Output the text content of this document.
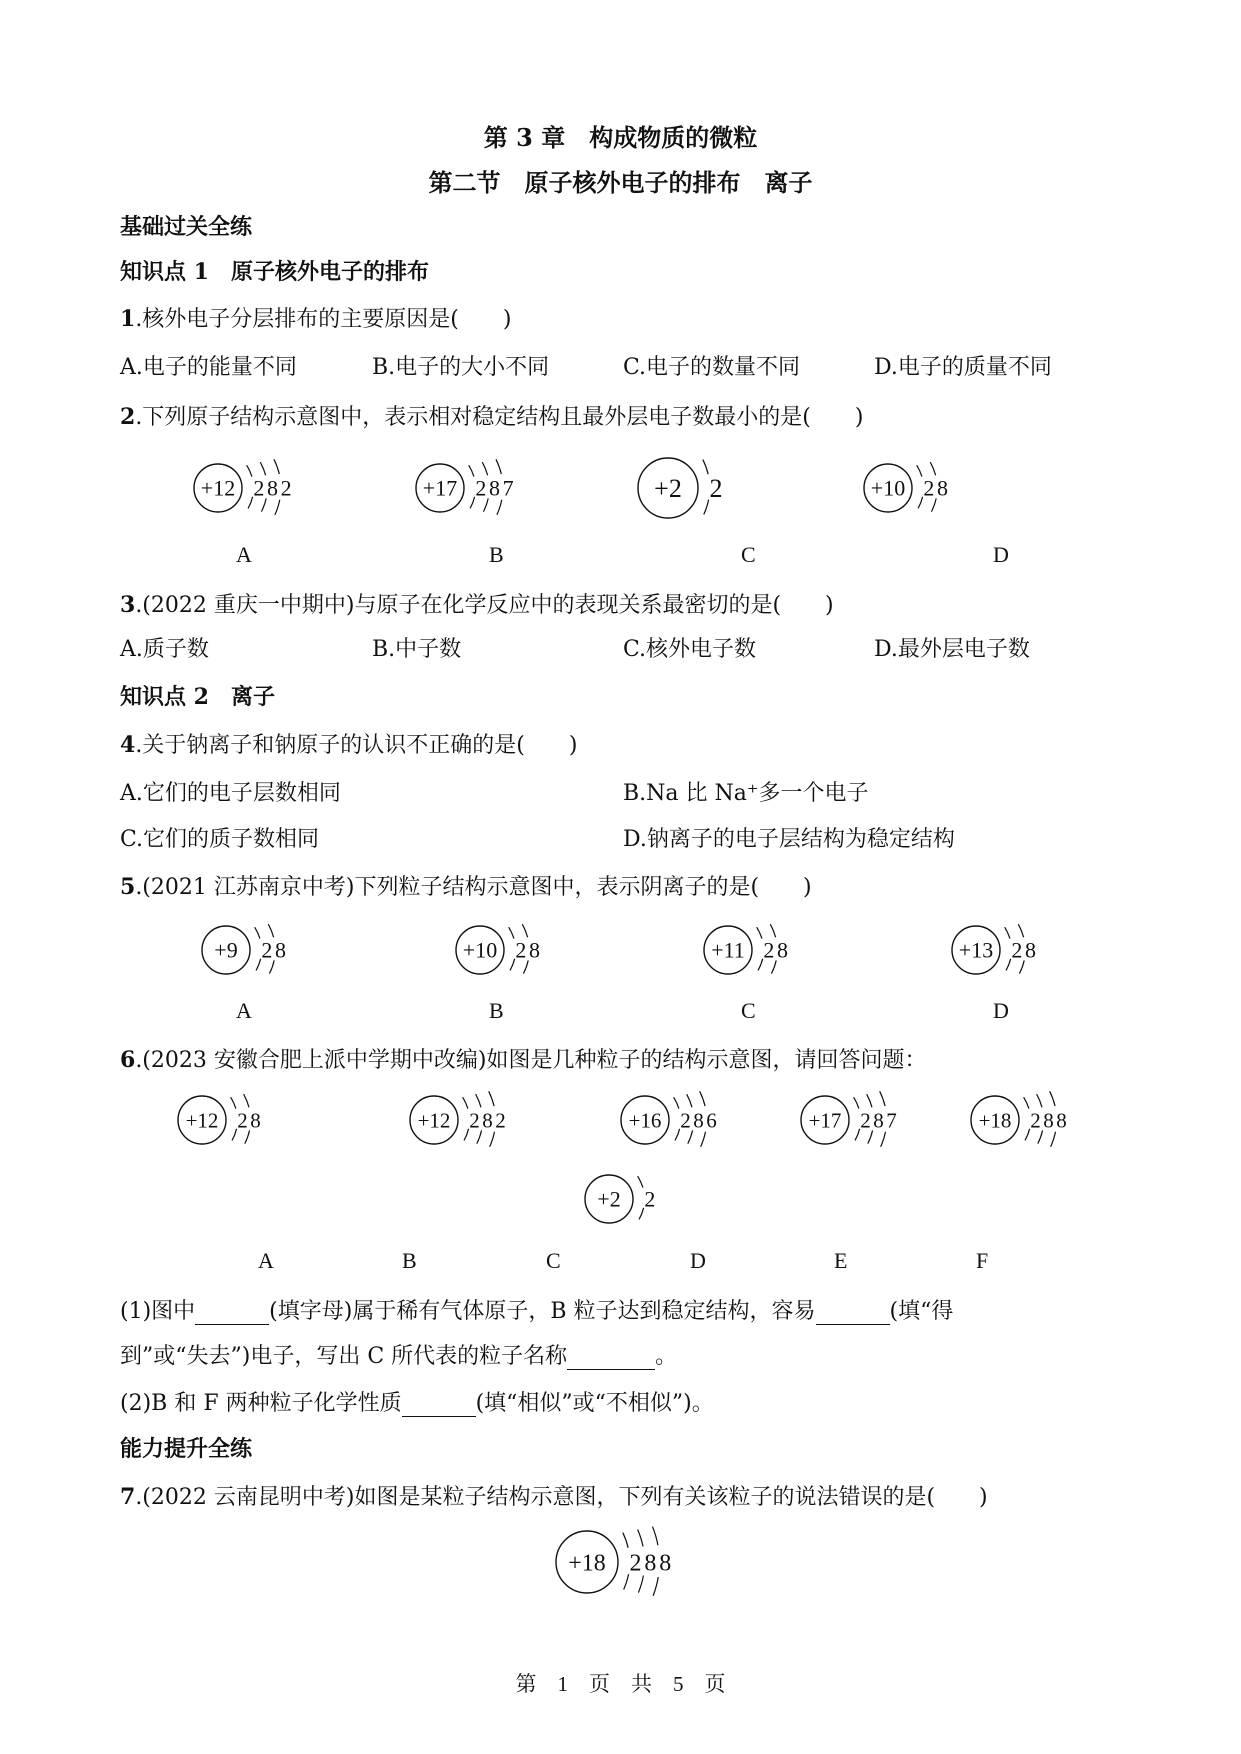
第 3 章　构成物质的微粒
第二节　原子核外电子的排布　离子
基础过关全练
知识点 1　原子核外电子的排布
1.核外电子分层排布的主要原因是(　　)
A.电子的能量不同	B.电子的大小不同	C.电子的数量不同	D.电子的质量不同
2.下列原子结构示意图中，表示相对稳定结构且最外层电子数最小的是(　　)
+12 2 8 2	+17 2 8 7	+2 2	+10 2 8
A	B	C	D
3.(2022 重庆一中期中)与原子在化学反应中的表现关系最密切的是(　　)
A.质子数	B.中子数	C.核外电子数	D.最外层电子数
知识点 2　离子
4.关于钠离子和钠原子的认识不正确的是(　　)
A.它们的电子层数相同	B.Na 比 Na⁺多一个电子
C.它们的质子数相同	D.钠离子的电子层结构为稳定结构
5.(2021 江苏南京中考)下列粒子结构示意图中，表示阴离子的是(　　)
+9 2 8	+10 2 8	+11 2 8	+13 2 8
A	B	C	D
6.(2023 安徽合肥上派中学期中改编)如图是几种粒子的结构示意图，请回答问题：
+12 2 8	+12 2 8 2	+16 2 8 6	+17 2 8 7	+18 2 8 8
+2 2
A	B	C	D	E	F
(1)图中	(填字母)属于稀有气体原子，B 粒子达到稳定结构，容易	(填“得
到”或“失去”)电子，写出 C 所代表的粒子名称	。
(2)B 和 F 两种粒子化学性质	(填“相似”或“不相似”)。
能力提升全练
7.(2022 云南昆明中考)如图是某粒子结构示意图，下列有关该粒子的说法错误的是(　　)
+18 2 8 8
第　1　页　共　5　页
